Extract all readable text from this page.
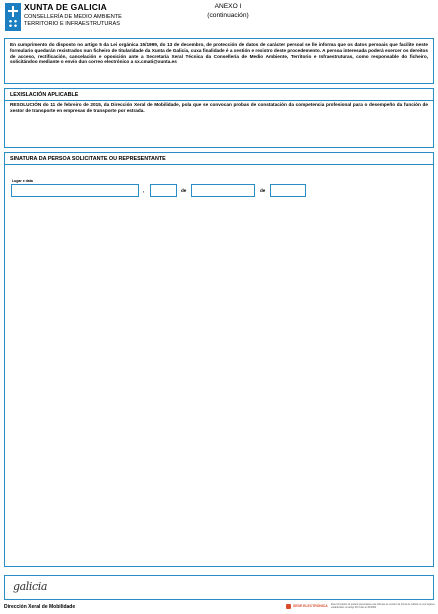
XUNTA DE GALICIA
CONSELLERÍA DE MEDIO AMBIENTE
TERRITORIO E INFRAESTRUTURAS
ANEXO I
(continuación)

En cumprimento do disposto no artigo 5 da Lei orgánica 15/1999, do 13 de decembro, de protección de datos de carácter persoal se lle informa que os datos persoais que facilite neste formulario quedarán rexistrados nun ficheiro de titularidade da Xunta de Galicia, cuxa finalidade é a xestión e rexistro deste procedemento. A persoa interesada poderá exercer os dereitos de acceso, rectificación, cancelación e oposición ante a Secretaría Xeral Técnica da Consellería de Medio Ambiente, Territorio e Infraestruturas, como responsable do ficheiro, solicitándoo mediante o envío dun correo electrónico a sx.cmati@xunta.es

LEXISLACIÓN APLICABLE

RESOLUCIÓN do 11 de febreiro de 2015, da Dirección Xeral de Mobilidade, pola que se convocan probas de constatación da competencia profesional para o desempeño da función de xestor de transporte en empresas de transporte por estrada.

SINATURA DA PERSOA SOLICITANTE OU REPRESENTANTE
Lugar e data
,	de	de
galicia
Dirección Xeral de Mobilidade	SEDE ELECTRÓNICA Este formulario só poderá presentarse nas oficinas de rexistro da Xunta de Galicia ou nos lugares establecidos no artigo 38.4 da Lei 30/1992
